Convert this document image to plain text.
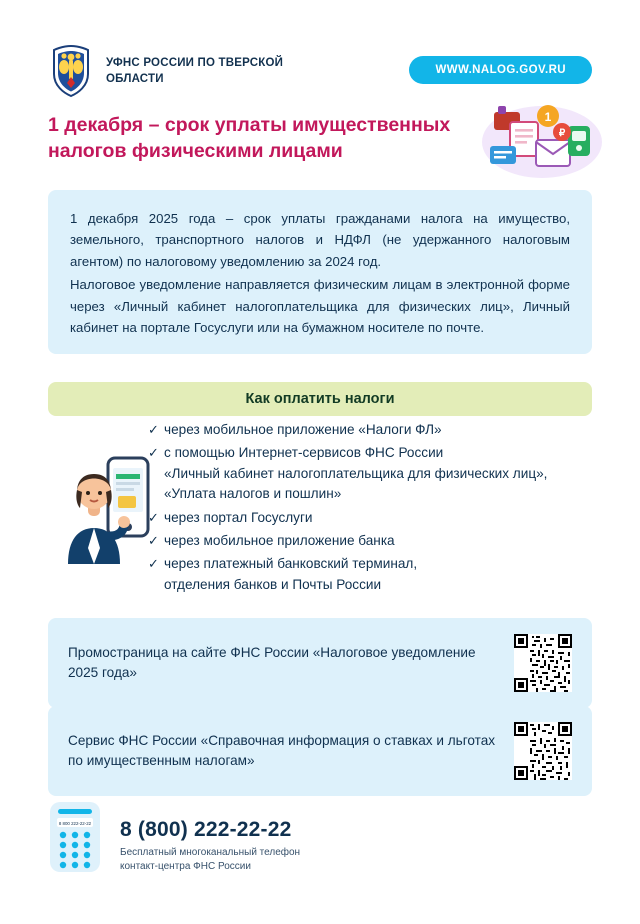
УФНС РОССИИ ПО ТВЕРСКОЙ ОБЛАСТИ
WWW.NALOG.GOV.RU
1 декабря – срок уплаты имущественных налогов физическими лицами
1
₽

1 декабря 2025 года – срок уплаты гражданами налога на имущество, земельного, транспортного налогов и НДФЛ (не удержанного налоговым агентом) по налоговому уведомлению за 2024 год.

Налоговое уведомление направляется физическим лицам в электронной форме через «Личный кабинет налогоплательщика для физических лиц», Личный кабинет на портале Госуслуги или на бумажном носителе по почте.

Как оплатить налоги
✓ через мобильное приложение «Налоги ФЛ»
✓ с помощью Интернет-сервисов ФНС России
«Личный кабинет налогоплательщика для физических лиц», «Уплата налогов и пошлин»
✓ через портал Госуслуги
✓ через мобильное приложение банка
✓ через платежный банковский терминал,
отделения банков и Почты России
Промостраница на сайте ФНС России «Налоговое уведомление 2025 года»
Сервис ФНС России «Справочная информация о ставках и льготах по имущественным налогам»
8 800 222-22-22 8 (800) 222-22-22
Бесплатный многоканальный телефон
контакт-центра ФНС России
